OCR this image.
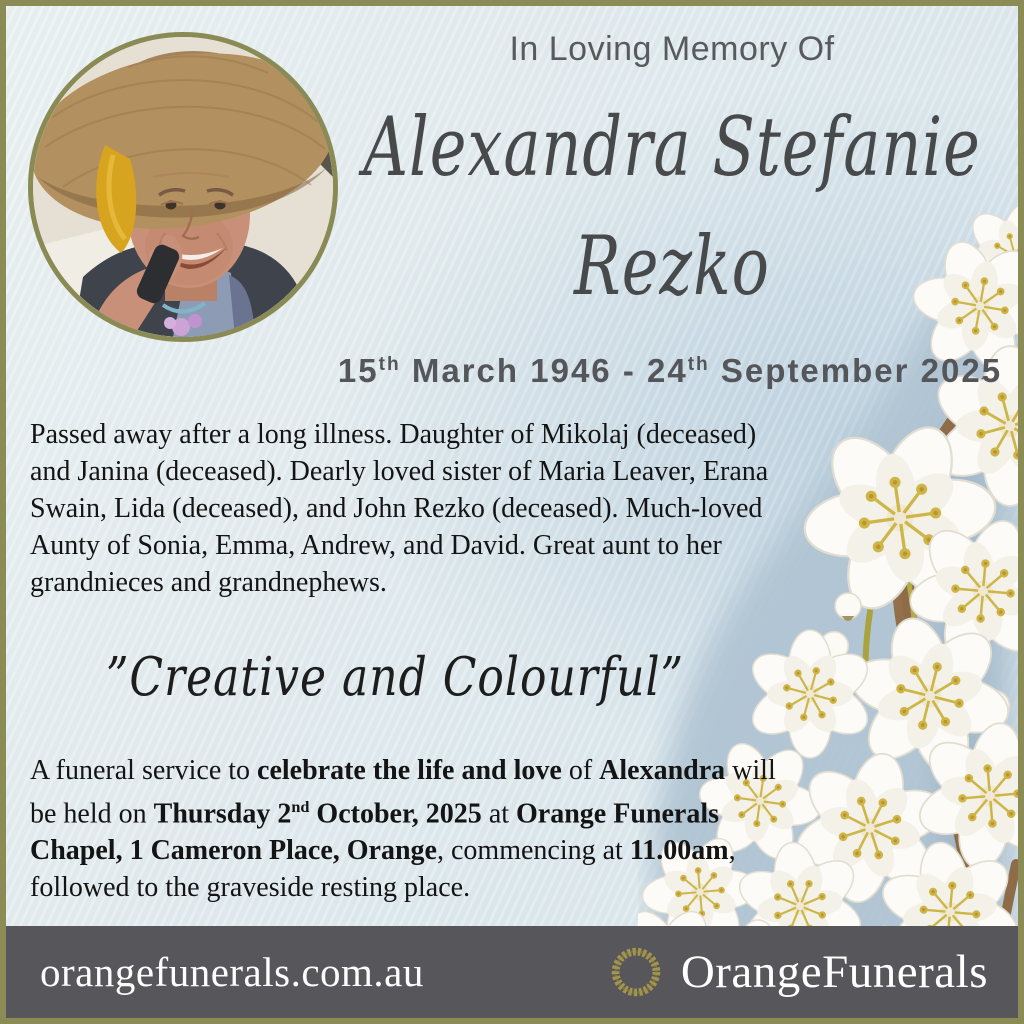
In Loving Memory Of
Alexandra Stefanie
Rezko
15th March 1946 - 24th September 2025
Passed away after a long illness. Daughter of Mikolaj (deceased) and Janina (deceased). Dearly loved sister of Maria Leaver, Erana Swain, Lida (deceased), and John Rezko (deceased). Much-loved Aunty of Sonia, Emma, Andrew, and David. Great aunt to her grandnieces and grandnephews.
”Creative and Colourful”
A funeral service to celebrate the life and love of Alexandra will be held on Thursday 2nd October, 2025 at Orange Funerals Chapel, 1 Cameron Place, Orange, commencing at 11.00am, followed to the graveside resting place.
orangefunerals.com.au	OrangeFunerals
